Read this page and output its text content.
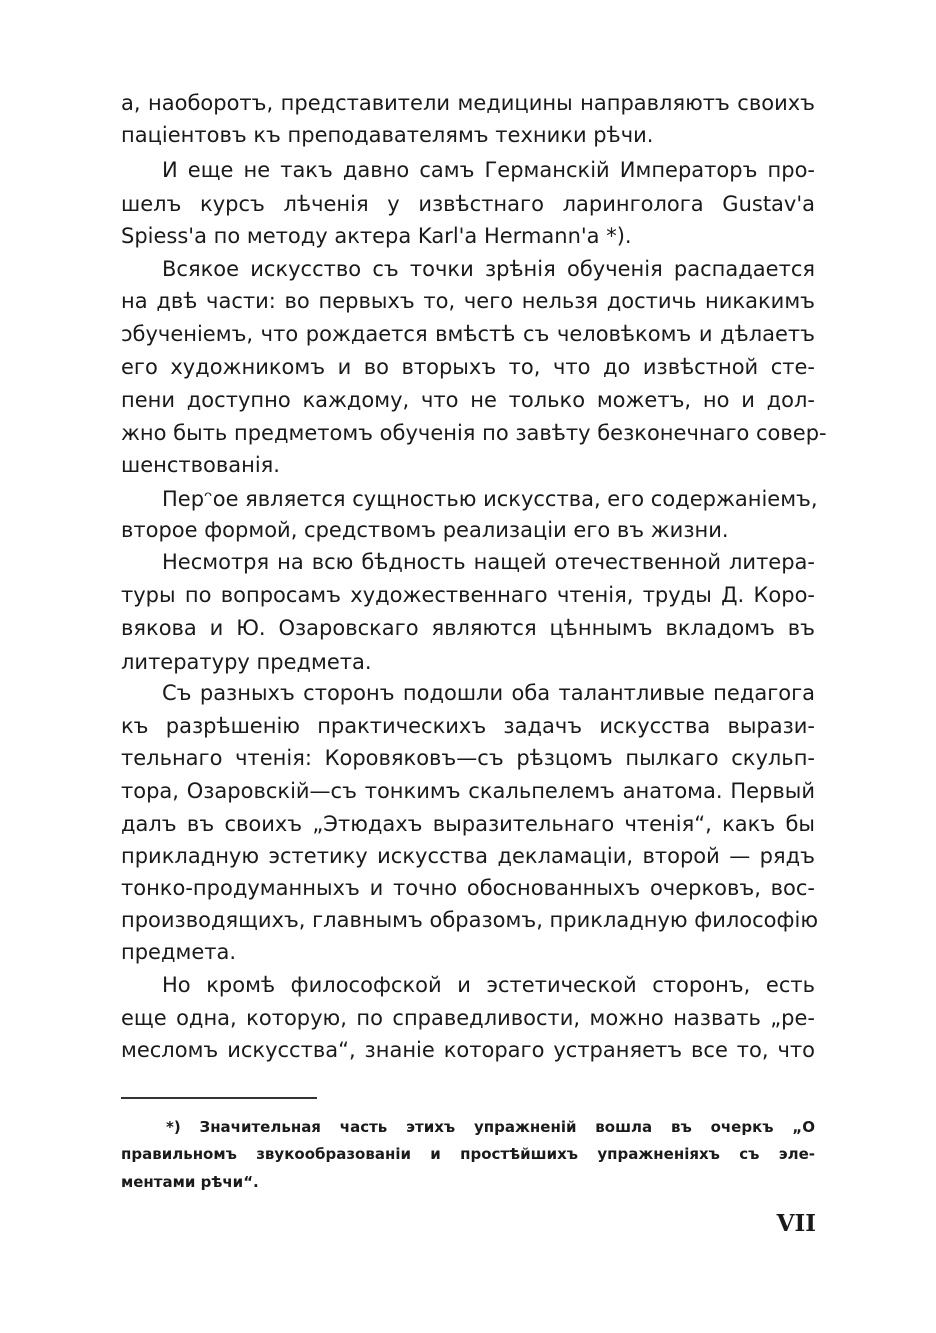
а, наоборотъ, представители медицины направляютъ своихъ
паціентовъ къ преподавателямъ техники рѣчи.
И еще не такъ давно самъ Германскій Императоръ про-
шелъ курсъ лѣченія у извѣстнаго ларинголога Gustav'a
Spiess'a по методу актера Karl'a Hermann'a *).
Всякое искусство съ точки зрѣнія обученія распадается
на двѣ части: во первыхъ то, чего нельзя достичь никакимъ
ɔбученіемъ, что рождается вмѣстѣ съ человѣкомъ и дѣлаетъ
его художникомъ и во вторыхъ то, что до извѣстной сте-
пени доступно каждому, что не только можетъ, но и дол-
жно быть предметомъ обученія по завѣту безконечнаго совер-
шенствованія.
Перᵔое является сущностью искусства, его содержаніемъ,
второе формой, средствомъ реализаціи его въ жизни.
Несмотря на всю бѣдность нащей отечественной литера-
туры по вопросамъ художественнаго чтенія, труды Д. Коро-
вякова и Ю. Озаровскаго являются цѣннымъ вкладомъ въ
литературу предмета.
Съ разныхъ сторонъ подошли оба талантливые педагога
къ разрѣшенію практическихъ задачъ искусства вырази-
тельнаго чтенія: Коровяковъ—съ рѣзцомъ пылкаго скульп-
тора, Озаровскій—съ тонкимъ скальпелемъ анатома. Первый
далъ въ своихъ „Этюдахъ выразительнаго чтенія“, какъ бы
прикладную эстетику искусства декламаціи, второй — рядъ
тонко-продуманныхъ и точно обоснованныхъ очерковъ, вос-
производящихъ, главнымъ образомъ, прикладную философію
предмета.
Но кромѣ философской и эстетической сторонъ, есть
еще одна, которую, по справедливости, можно назвать „ре-
месломъ искусства“, знаніе котораго устраняетъ все то, что
*) Значительная часть этихъ упражненій вошла въ очеркъ „О
правильномъ звукообразованіи и простѣйшихъ упражненіяхъ съ эле-
ментами рѣчи“.
VII
